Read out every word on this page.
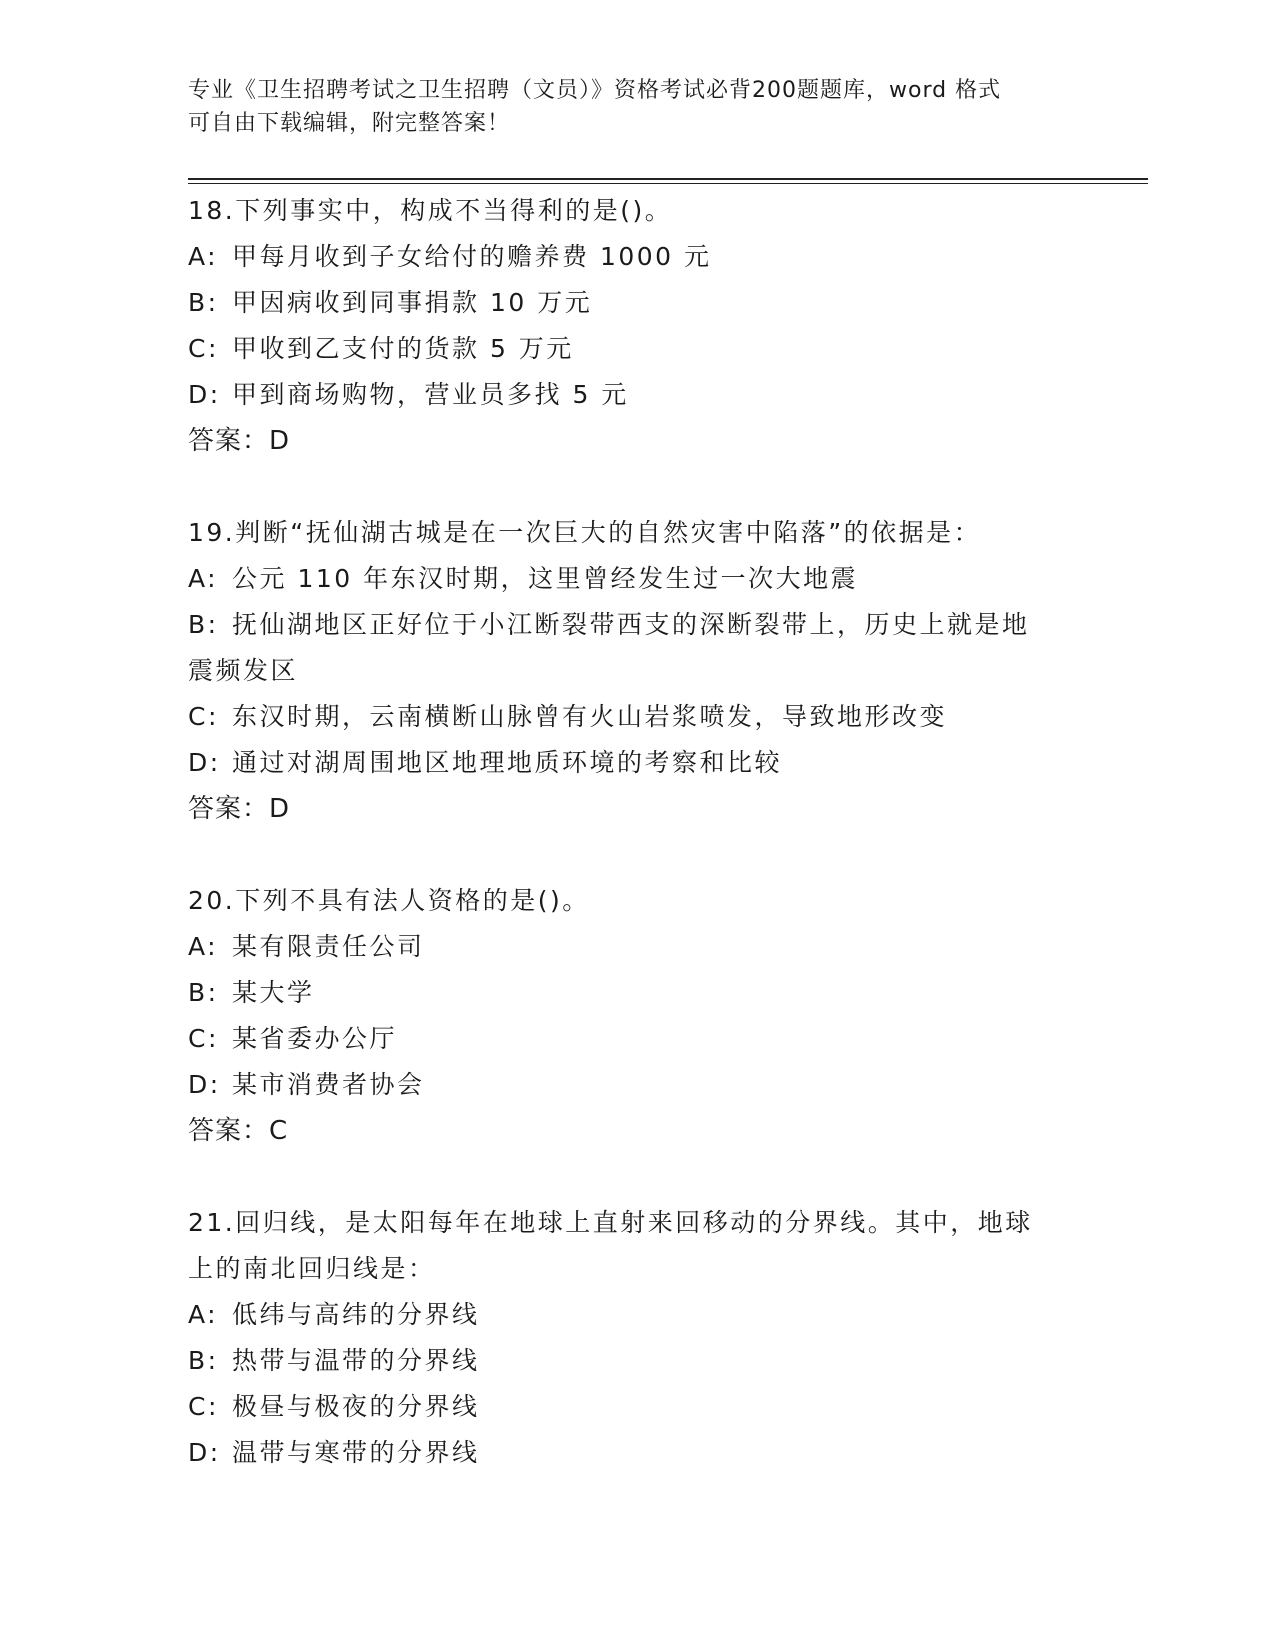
专业《卫生招聘考试之卫生招聘（文员）》资格考试必背200题题库，word 格式
可自由下载编辑，附完整答案！
18.下列事实中，构成不当得利的是()。
A: 甲每月收到子女给付的赡养费 1000 元
B: 甲因病收到同事捐款 10 万元
C: 甲收到乙支付的货款 5 万元
D: 甲到商场购物，营业员多找 5 元
答案：D
19.判断“抚仙湖古城是在一次巨大的自然灾害中陷落”的依据是：
A: 公元 110 年东汉时期，这里曾经发生过一次大地震
B: 抚仙湖地区正好位于小江断裂带西支的深断裂带上，历史上就是地
震频发区
C: 东汉时期，云南横断山脉曾有火山岩浆喷发，导致地形改变
D: 通过对湖周围地区地理地质环境的考察和比较
答案：D
20.下列不具有法人资格的是()。
A: 某有限责任公司
B: 某大学
C: 某省委办公厅
D: 某市消费者协会
答案：C
21.回归线，是太阳每年在地球上直射来回移动的分界线。其中，地球
上的南北回归线是：
A: 低纬与高纬的分界线
B: 热带与温带的分界线
C: 极昼与极夜的分界线
D: 温带与寒带的分界线
